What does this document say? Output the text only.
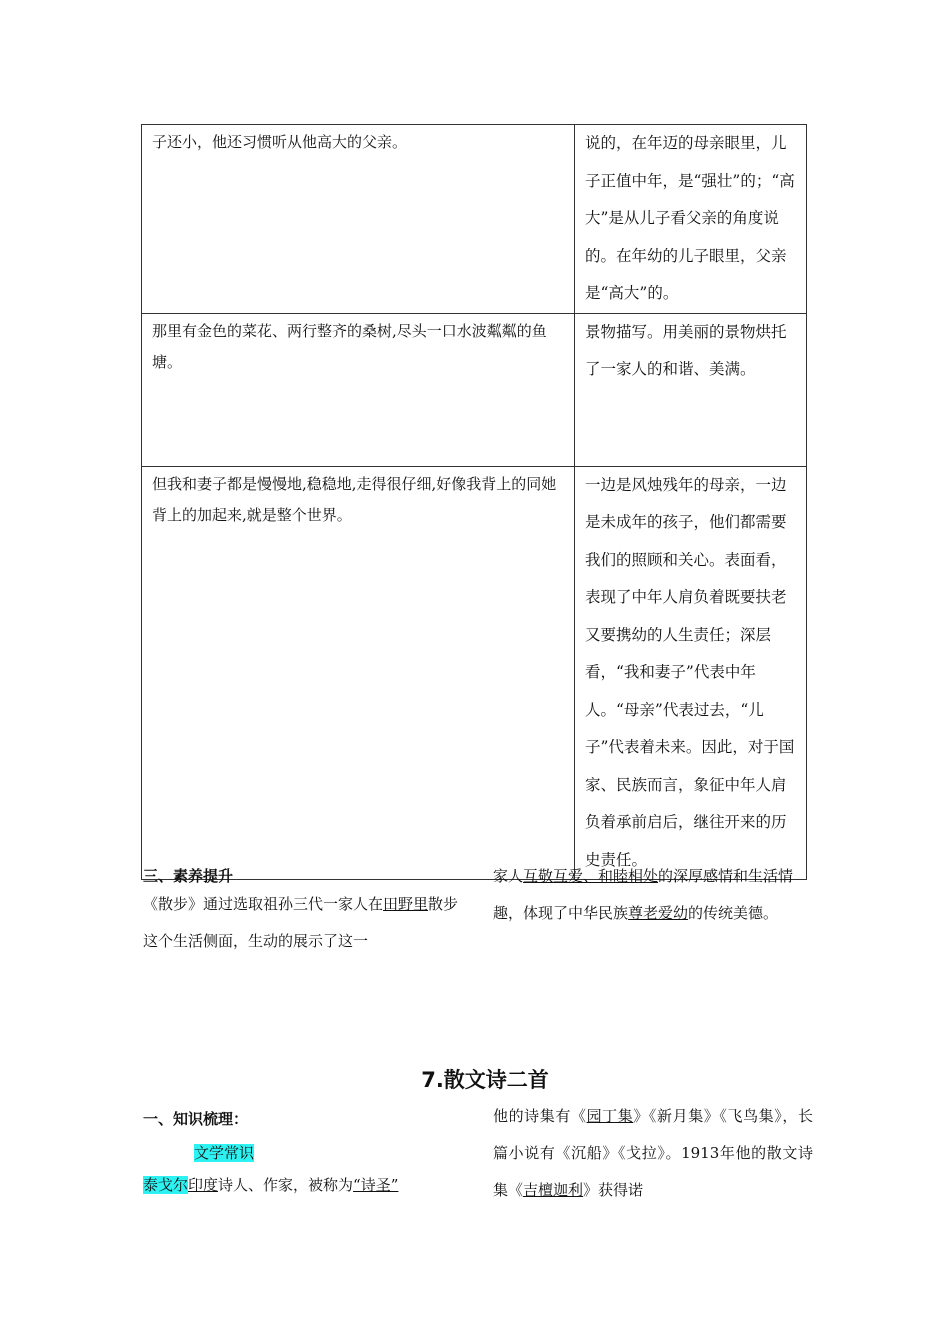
子还小，他还习惯听从他高大的父亲。	说的，在年迈的母亲眼里，儿子正值中年，是“强壮”的；“高大”是从儿子看父亲的角度说的。在年幼的儿子眼里，父亲是“高大”的。
那里有金色的菜花、两行整齐的桑树,尽头一口水波粼粼的鱼塘。	景物描写。用美丽的景物烘托了一家人的和谐、美满。
但我和妻子都是慢慢地,稳稳地,走得很仔细,好像我背上的同她背上的加起来,就是整个世界。	一边是风烛残年的母亲，一边是未成年的孩子，他们都需要我们的照顾和关心。表面看，表现了中年人肩负着既要扶老又要携幼的人生责任；深层看，“我和妻子”代表中年人。“母亲”代表过去，“儿子”代表着未来。因此，对于国家、民族而言，象征中年人肩负着承前启后，继往开来的历史责任。
三、素养提升
《散步》通过选取祖孙三代一家人在田野里散步这个生活侧面，生动的展示了这一
家人互敬互爱、和睦相处的深厚感情和生活情趣，体现了中华民族尊老爱幼的传统美德。
7.散文诗二首
一、知识梳理：
文学常识
泰戈尔印度诗人、作家，被称为“诗圣”
他的诗集有《园丁集》《新月集》《飞鸟集》，长篇小说有《沉船》《戈拉》。1913年他的散文诗集《吉檀迦利》获得诺
